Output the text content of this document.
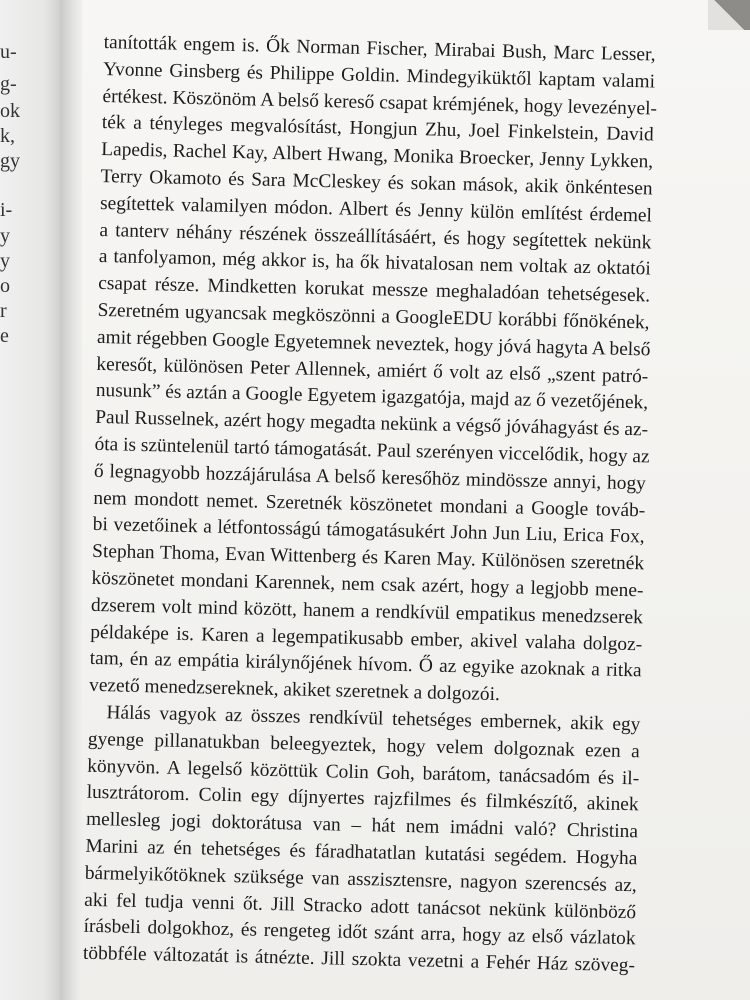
u-
g-
ok
k,
gy
i-
y
y
o
r
e
tanították engem is. Ők Norman Fischer, Mirabai Bush, Marc Lesser,
Yvonne Ginsberg és Philippe Goldin. Mindegyiküktől kaptam valami
értékest. Köszönöm A belső kereső csapat krémjének, hogy levezényel-
ték a tényleges megvalósítást, Hongjun Zhu, Joel Finkelstein, David
Lapedis, Rachel Kay, Albert Hwang, Monika Broecker, Jenny Lykken,
Terry Okamoto és Sara McCleskey és sokan mások, akik önkéntesen
segítettek valamilyen módon. Albert és Jenny külön említést érdemel
a tanterv néhány részének összeállításáért, és hogy segítettek nekünk
a tanfolyamon, még akkor is, ha ők hivatalosan nem voltak az oktatói
csapat része. Mindketten korukat messze meghaladóan tehetségesek.
Szeretném ugyancsak megköszönni a GoogleEDU korábbi főnökének,
amit régebben Google Egyetemnek neveztek, hogy jóvá hagyta A belső
keresőt, különösen Peter Allennek, amiért ő volt az első „szent patró-
nusunk” és aztán a Google Egyetem igazgatója, majd az ő vezetőjének,
Paul Russelnek, azért hogy megadta nekünk a végső jóváhagyást és az-
óta is szüntelenül tartó támogatását. Paul szerényen viccelődik, hogy az
ő legnagyobb hozzájárulása A belső keresőhöz mindössze annyi, hogy
nem mondott nemet. Szeretnék köszönetet mondani a Google továb-
bi vezetőinek a létfontosságú támogatásukért John Jun Liu, Erica Fox,
Stephan Thoma, Evan Wittenberg és Karen May. Különösen szeretnék
köszönetet mondani Karennek, nem csak azért, hogy a legjobb mene-
dzserem volt mind között, hanem a rendkívül empatikus menedzserek
példaképe is. Karen a legempatikusabb ember, akivel valaha dolgoz-
tam, én az empátia királynőjének hívom. Ő az egyike azoknak a ritka
vezető menedzsereknek, akiket szeretnek a dolgozói.
Hálás vagyok az összes rendkívül tehetséges embernek, akik egy
gyenge pillanatukban beleegyeztek, hogy velem dolgoznak ezen a
könyvön. A legelső közöttük Colin Goh, barátom, tanácsadóm és il-
lusztrátorom. Colin egy díjnyertes rajzfilmes és filmkészítő, akinek
mellesleg jogi doktorátusa van – hát nem imádni való? Christina
Marini az én tehetséges és fáradhatatlan kutatási segédem. Hogyha
bármelyikőtöknek szüksége van asszisztensre, nagyon szerencsés az,
aki fel tudja venni őt. Jill Stracko adott tanácsot nekünk különböző
írásbeli dolgokhoz, és rengeteg időt szánt arra, hogy az első vázlatok
többféle változatát is átnézte. Jill szokta vezetni a Fehér Ház szöveg-
